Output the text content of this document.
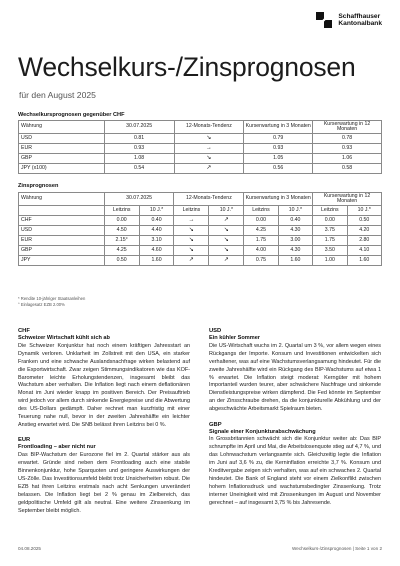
Schaffhauser
Kantonalbank
Wechselkurs-/Zinsprognosen
für den August 2025
Wechselkursprognosen gegenüber CHF
Währung	30.07.2025	12-Monats-Tendenz	Kurserwartung in 3 Monaten	Kurserwartung in 12 Monaten
USD	0.81	↘	0.79	0.78
EUR	0.93	→	0.93	0.93
GBP	1.08	↘	1.05	1.06
JPY (x100)	0.54	↗	0.56	0.58
Zinsprognosen
Währung	30.07.2025		12-Monats-Tendenz		Kurserwartung in 3 Monaten		Kurserwartung in 12 Monaten	
	Leitzins	10 J.*	Leitzins	10 J.*	Leitzins	10 J.*	Leitzins	10 J.*
CHF	0.00	0.40	→	↗	0.00	0.40	0.00	0.50
USD	4.50	4.40	↘	↘	4.25	4.30	3.75	4.20
EUR	2.15°	3.10	↘	↘	1.75	3.00	1.75	2.80
GBP	4.25	4.60	↘	↘	4.00	4.30	3.50	4.10
JPY	0.50	1.60	↗	↗	0.75	1.60	1.00	1.60
* Rendite 10-jähriger Staatsanleihen
° Einlagesatz EZB 2.00%
CHF
Schweizer Wirtschaft kühlt sich ab

Die Schweizer Konjunktur hat noch einem kräftigen Jahresstart an Dynamik verloren. Unklarheit im Zollstreit mit den USA, ein starker Franken und eine schwache Auslandsnachfrage wirken belastend auf die Exportwirtschaft. Zwar zeigen Stimmungsindikatoren wie das KOF-Barometer leichte Erholungstendenzen, insgesamt bleibt das Wachstum aber verhalten. Die Inflation liegt nach einem deflationären Monat im Juni wieder knapp im positiven Bereich. Der Preisauftrieb wird jedoch vor allem durch sinkende Energiepreise und die Abwertung des US-Dollars gedämpft. Daher rechnet man kurzfristig mit einer Teuerung nahe null, bevor in der zweiten Jahreshälfte ein leichter Anstieg erwartet wird. Die SNB belässt ihren Leitzins bei 0 %.

EUR
Frontloading – aber nicht nur

Das BIP-Wachstum der Eurozone fiel im 2. Quartal stärker aus als erwartet. Gründe sind neben dem Frontloading auch eine stabile Binnenkonjunktur, hohe Sparquoten und geringere Auswirkungen der US-Zölle. Das Investitionsumfeld bleibt trotz Unsicherheiten robust. Die EZB hat ihren Leitzins erstmals nach acht Senkungen unverändert belassen. Die Inflation liegt bei 2 % genau im Zielbereich, das geldpolitische Umfeld gilt als neutral. Eine weitere Zinssenkung im September bleibt möglich.

USD
Ein kühler Sommer

Die US-Wirtschaft wuchs im 2. Quartal um 3 %, vor allem wegen eines Rückgangs der Importe. Konsum und Investitionen entwickelten sich verhaltener, was auf eine Wachstumsverlangsamung hindeutet. Für die zweite Jahreshälfte wird ein Rückgang des BIP-Wachstums auf etwa 1 % erwartet. Die Inflation steigt moderat: Kerngüter mit hohem Importanteil wurden teurer, aber schwächere Nachfrage und sinkende Dienstleistungspreise wirken dämpfend. Die Fed könnte im September an der Zinsschraube drehen, da die konjunkturelle Abkühlung und der abgeschwächte Arbeitsmarkt Spielraum bieten.

GBP
Signale einer Konjunkturabschwächung

In Grossbritannien schwächt sich die Konjunktur weiter ab: Das BIP schrumpfte im April und Mai, die Arbeitslosenquote stieg auf 4,7 %, und das Lohnwachstum verlangsamte sich. Gleichzeitig legte die Inflation im Juni auf 3,6 % zu, die Kerninflation erreichte 3,7 %. Konsum und Kreditvergabe zeigen sich verhalten, was auf ein schwaches 2. Quartal hindeutet. Die Bank of England steht vor einem Zielkonflikt zwischen hohem Inflationsdruck und wachstumsbedingter Zinssenkung. Trotz interner Uneinigkeit wird mit Zinssenkungen im August und November gerechnet – auf insgesamt 3,75 % bis Jahresende.

04.08.2025	Wechselkurs-/Zinsprognosen | Seite 1 von 2
